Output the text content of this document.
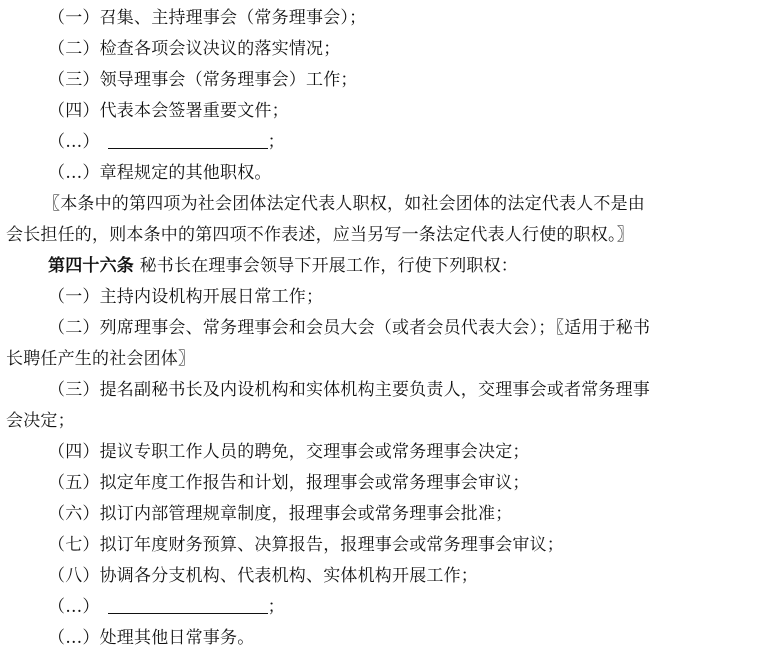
（一）召集、主持理事会（常务理事会）；
（二）检查各项会议决议的落实情况；
（三）领导理事会（常务理事会）工作；
（四）代表本会签署重要文件；
（…）	；
（…）章程规定的其他职权。
〖本条中的第四项为社会团体法定代表人职权，如社会团体的法定代表人不是由
会长担任的，则本条中的第四项不作表述，应当另写一条法定代表人行使的职权。〗
第四十六条 秘书长在理事会领导下开展工作，行使下列职权：
（一）主持内设机构开展日常工作；
（二）列席理事会、常务理事会和会员大会（或者会员代表大会）；〖适用于秘书
长聘任产生的社会团体〗
（三）提名副秘书长及内设机构和实体机构主要负责人，交理事会或者常务理事
会决定；
（四）提议专职工作人员的聘免，交理事会或常务理事会决定；
（五）拟定年度工作报告和计划，报理事会或常务理事会审议；
（六）拟订内部管理规章制度，报理事会或常务理事会批准；
（七）拟订年度财务预算、决算报告，报理事会或常务理事会审议；
（八）协调各分支机构、代表机构、实体机构开展工作；
（…）	；
（…）处理其他日常事务。
